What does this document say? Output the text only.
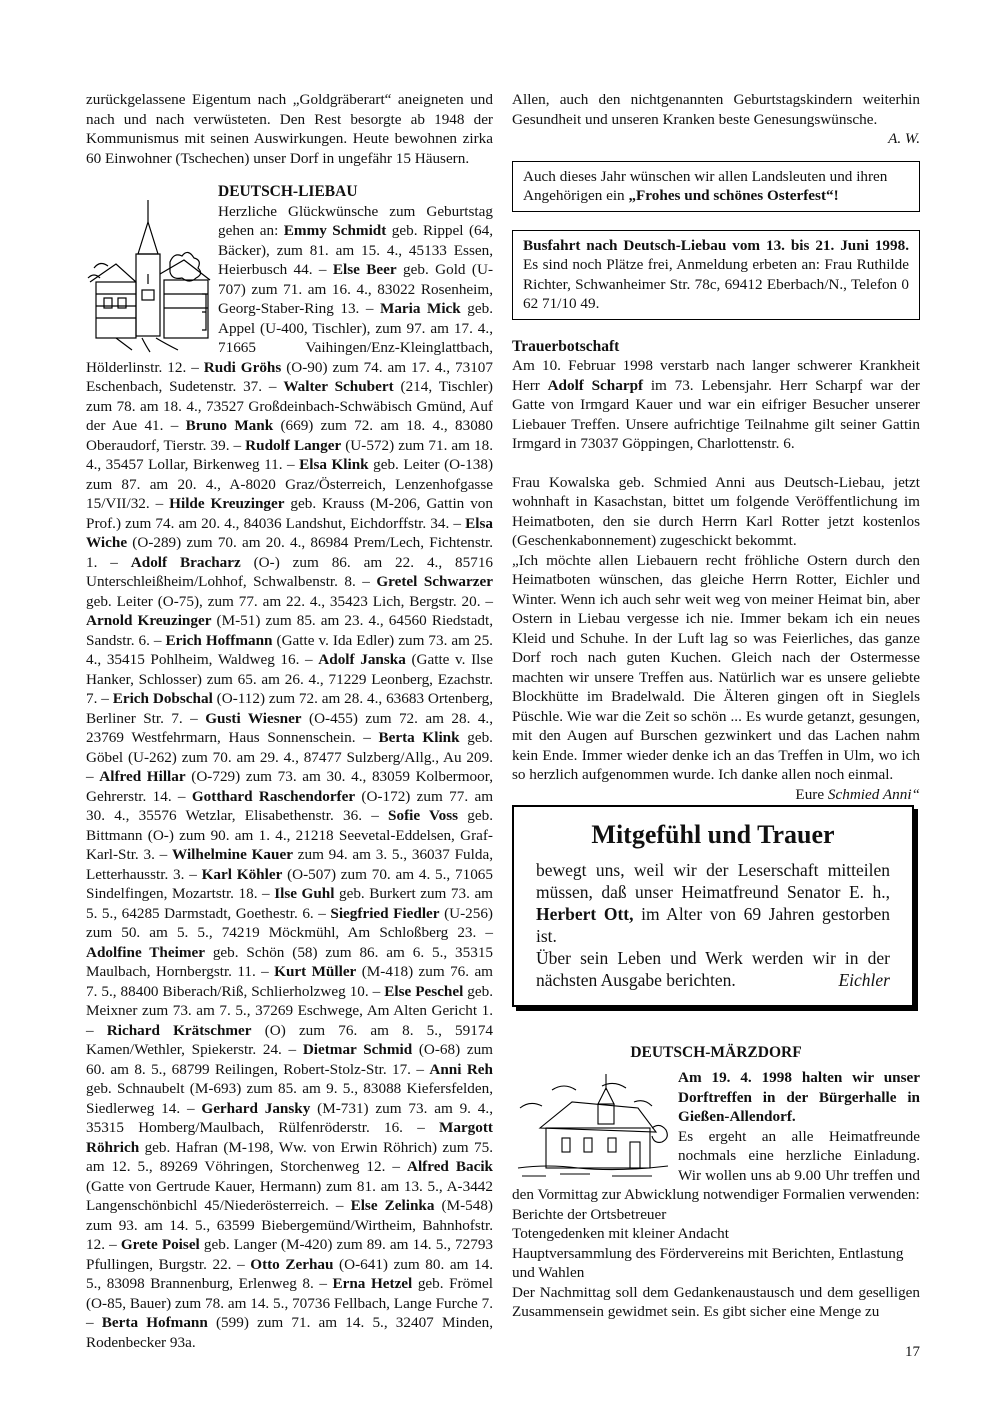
zurückgelassene Eigentum nach „Goldgräberart“ aneigneten und nach und nach verwüsteten. Den Rest besorgte ab 1948 der Kommunismus mit seinen Auswirkungen. Heute bewohnen zirka 60 Einwohner (Tschechen) unser Dorf in ungefähr 15 Häusern.

DEUTSCH-LIEBAU
Herzliche Glückwünsche zum Geburtstag gehen an: Emmy Schmidt geb. Rippel (64, Bäcker), zum 81. am 15. 4., 45133 Essen, Heierbusch 44. – Else Beer geb. Gold (U-707) zum 71. am 16. 4., 83022 Rosenheim, Georg-Staber-Ring 13. – Maria Mick geb. Appel (U-400, Tischler), zum 97. am 17. 4., 71665 Vaihingen/Enz-Kleinglattbach, Hölderlinstr. 12. – Rudi Gröhs (O-90) zum 74. am 17. 4., 73107 Eschenbach, Sudetenstr. 37. – Walter Schubert (214, Tischler) zum 78. am 18. 4., 73527 Großdeinbach-Schwäbisch Gmünd, Auf der Aue 41. – Bruno Mank (669) zum 72. am 18. 4., 83080 Oberaudorf, Tierstr. 39. – Rudolf Langer (U-572) zum 71. am 18. 4., 35457 Lollar, Birkenweg 11. – Elsa Klink geb. Leiter (O-138) zum 87. am 20. 4., A-8020 Graz/Österreich, Lenzenhofgasse 15/VII/32. – Hilde Kreuzinger geb. Krauss (M-206, Gattin von Prof.) zum 74. am 20. 4., 84036 Landshut, Eichdorffstr. 34. – Elsa Wiche (O-289) zum 70. am 20. 4., 86984 Prem/Lech, Fichtenstr. 1. – Adolf Bracharz (O-) zum 86. am 22. 4., 85716 Unterschleißheim/Lohhof, Schwalbenstr. 8. – Gretel Schwarzer geb. Leiter (O-75), zum 77. am 22. 4., 35423 Lich, Bergstr. 20. – Arnold Kreuzinger (M-51) zum 85. am 23. 4., 64560 Riedstadt, Sandstr. 6. – Erich Hoffmann (Gatte v. Ida Edler) zum 73. am 25. 4., 35415 Pohlheim, Waldweg 16. – Adolf Janska (Gatte v. Ilse Hanker, Schlosser) zum 65. am 26. 4., 71229 Leonberg, Ezachstr. 7. – Erich Dobschal (O-112) zum 72. am 28. 4., 63683 Ortenberg, Berliner Str. 7. – Gusti Wiesner (O-455) zum 72. am 28. 4., 23769 Westfehrmarn, Haus Sonnenschein. – Berta Klink geb. Göbel (U-262) zum 70. am 29. 4., 87477 Sulzberg/Allg., Au 209. – Alfred Hillar (O-729) zum 73. am 30. 4., 83059 Kolbermoor, Gehrerstr. 14. – Gotthard Raschendorfer (O-172) zum 77. am 30. 4., 35576 Wetzlar, Elisabethenstr. 36. – Sofie Voss geb. Bittmann (O-) zum 90. am 1. 4., 21218 Seevetal-Eddelsen, Graf-Karl-Str. 3. – Wilhelmine Kauer zum 94. am 3. 5., 36037 Fulda, Letterhausstr. 3. – Karl Köhler (O-507) zum 70. am 4. 5., 71065 Sindelfingen, Mozartstr. 18. – Ilse Guhl geb. Burkert zum 73. am 5. 5., 64285 Darmstadt, Goethestr. 6. – Siegfried Fiedler (U-256) zum 50. am 5. 5., 74219 Möckmühl, Am Schloßberg 23. – Adolfine Theimer geb. Schön (58) zum 86. am 6. 5., 35315 Maulbach, Hornbergstr. 11. – Kurt Müller (M-418) zum 76. am 7. 5., 88400 Biberach/Riß, Schlierholzweg 10. – Else Peschel geb. Meixner zum 73. am 7. 5., 37269 Eschwege, Am Alten Gericht 1. – Richard Krätschmer (O) zum 76. am 8. 5., 59174 Kamen/Wethler, Spiekerstr. 24. – Dietmar Schmid (O-68) zum 60. am 8. 5., 68799 Reilingen, Robert-Stolz-Str. 17. – Anni Reh geb. Schnaubelt (M-693) zum 85. am 9. 5., 83088 Kiefersfelden, Siedlerweg 14. – Gerhard Jansky (M-731) zum 73. am 9. 4., 35315 Homberg/Maulbach, Rülfenröderstr. 16. – Margott Röhrich geb. Hafran (M-198, Ww. von Erwin Röhrich) zum 75. am 12. 5., 89269 Vöhringen, Storchenweg 12. – Alfred Bacik (Gatte von Gertrude Kauer, Hermann) zum 81. am 13. 5., A-3442 Langenschönbichl 45/Niederösterreich. – Else Zelinka (M-548) zum 93. am 14. 5., 63599 Biebergemünd/Wirtheim, Bahnhofstr. 12. – Grete Poisel geb. Langer (M-420) zum 89. am 14. 5., 72793 Pfullingen, Burgstr. 22. – Otto Zerhau (O-641) zum 80. am 14. 5., 83098 Brannenburg, Erlenweg 8. – Erna Hetzel geb. Frömel (O-85, Bauer) zum 78. am 14. 5., 70736 Fellbach, Lange Furche 7. – Berta Hofmann (599) zum 71. am 14. 5., 32407 Minden, Rodenbecker 93a.

Allen, auch den nichtgenannten Geburtstagskindern weiterhin Gesundheit und unseren Kranken beste Genesungswünsche.

A. W.

Auch dieses Jahr wünschen wir allen Landsleuten und ihren Angehörigen ein „Frohes und schönes Osterfest“!
Busfahrt nach Deutsch-Liebau vom 13. bis 21. Juni 1998. Es sind noch Plätze frei, Anmeldung erbeten an: Frau Ruthilde Richter, Schwanheimer Str. 78c, 69412 Eberbach/N., Telefon 0 62 71/10 49.
Trauerbotschaft

Am 10. Februar 1998 verstarb nach langer schwerer Krankheit Herr Adolf Scharpf im 73. Lebensjahr. Herr Scharpf war der Gatte von Irmgard Kauer und war ein eifriger Besucher unserer Liebauer Treffen. Unsere aufrichtige Teilnahme gilt seiner Gattin Irmgard in 73037 Göppingen, Charlottenstr. 6.

Frau Kowalska geb. Schmied Anni aus Deutsch-Liebau, jetzt wohnhaft in Kasachstan, bittet um folgende Veröffentlichung im Heimatboten, den sie durch Herrn Karl Rotter jetzt kostenlos (Geschenkabonnement) zugeschickt bekommt.

„Ich möchte allen Liebauern recht fröhliche Ostern durch den Heimatboten wünschen, das gleiche Herrn Rotter, Eichler und Winter. Wenn ich auch sehr weit weg von meiner Heimat bin, aber Ostern in Liebau vergesse ich nie. Immer bekam ich ein neues Kleid und Schuhe. In der Luft lag so was Feierliches, das ganze Dorf roch nach guten Kuchen. Gleich nach der Ostermesse machten wir unsere Treffen aus. Natürlich war es unsere geliebte Blockhütte im Bradelwald. Die Älteren gingen oft in Sieglels Püschle. Wie war die Zeit so schön ... Es wurde getanzt, gesungen, mit den Augen auf Burschen gezwinkert und das Lachen nahm kein Ende. Immer wieder denke ich an das Treffen in Ulm, wo ich so herzlich aufgenommen wurde. Ich danke allen noch einmal.
Eure Schmied Anni“

Mitgefühl und Trauer

bewegt uns, weil wir der Leserschaft mitteilen müssen, daß unser Heimatfreund Senator E. h., Herbert Ott, im Alter von 69 Jahren gestorben ist.

Über sein Leben und Werk werden wir in der nächsten Ausgabe berichten.	Eichler

DEUTSCH-MÄRZDORF

Am 19. 4. 1998 halten wir unser Dorftreffen in der Bürgerhalle in Gießen-Allendorf.

Es ergeht an alle Heimatfreunde nochmals eine herzliche Einladung. Wir wollen uns ab 9.00 Uhr treffen und den Vormittag zur Abwicklung notwendiger Formalien verwenden:

Berichte der Ortsbetreuer
Totengedenken mit kleiner Andacht
Hauptversammlung des Fördervereins mit Berichten, Entlastung und Wahlen

Der Nachmittag soll dem Gedankenaustausch und dem geselligen Zusammensein gewidmet sein. Es gibt sicher eine Menge zu

17
